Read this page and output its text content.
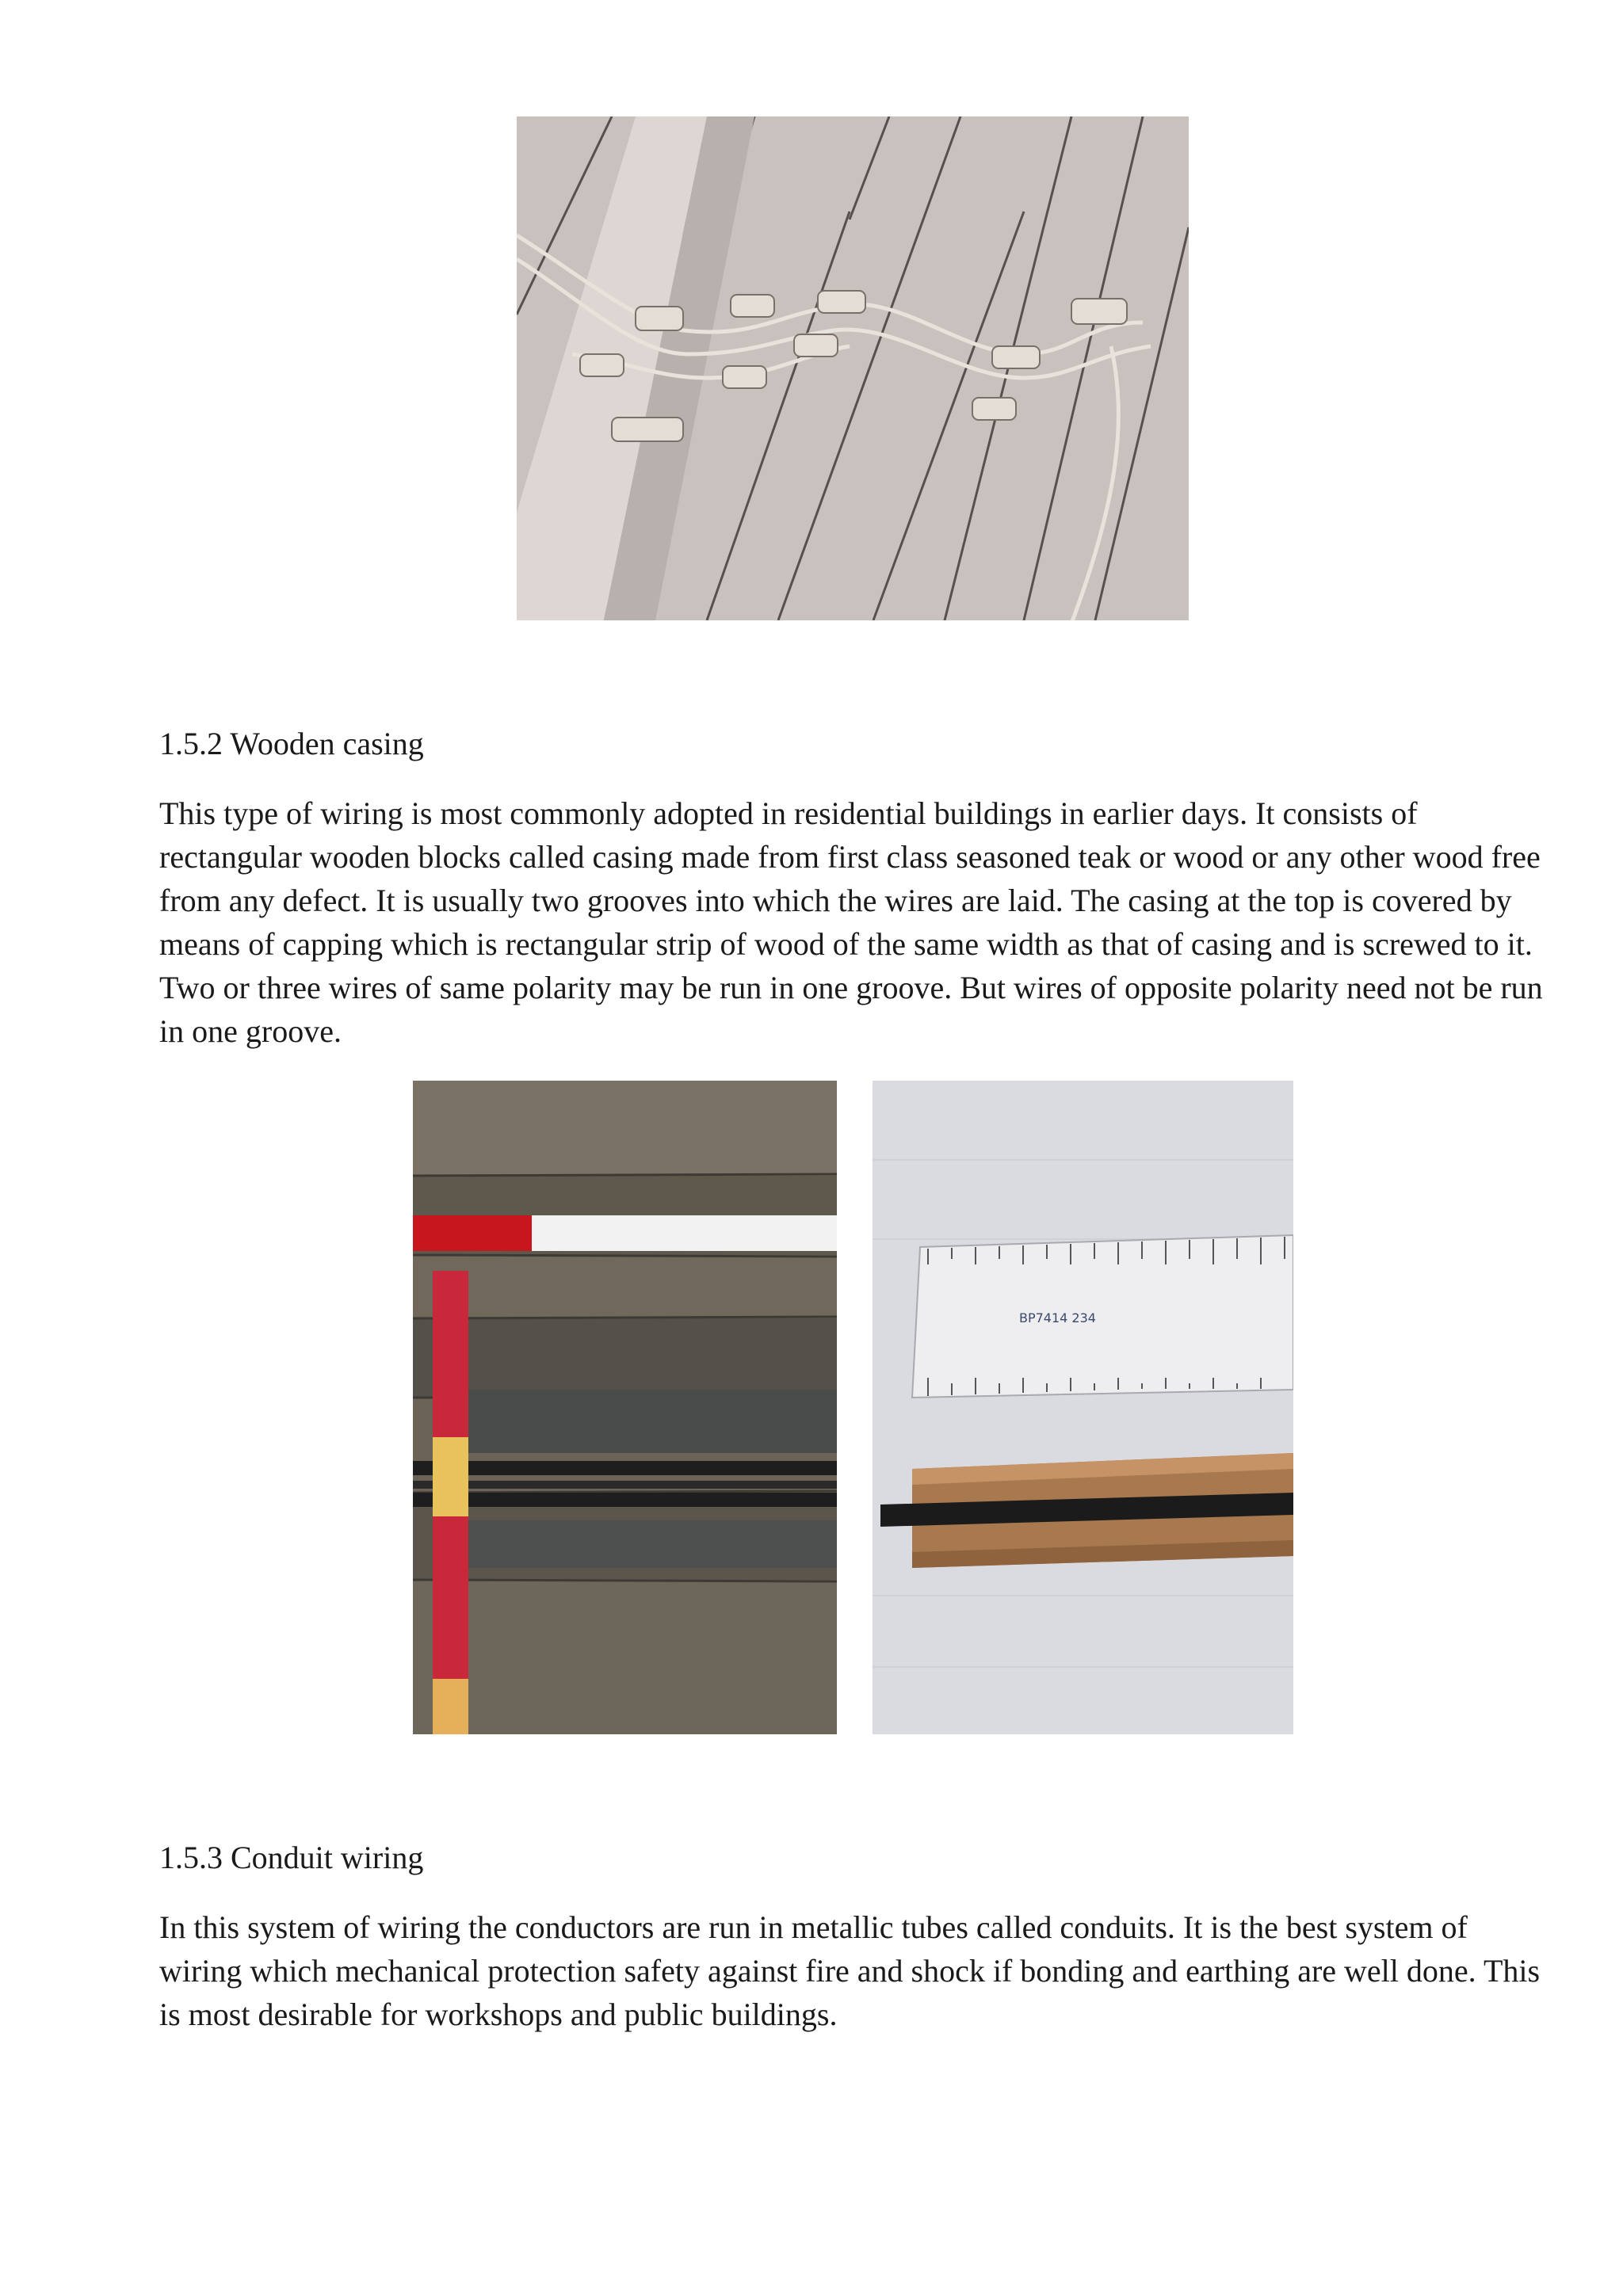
1.5.2 Wooden casing

This type of wiring is most commonly adopted in residential buildings in earlier days. It consists of rectangular wooden blocks called casing made from first class seasoned teak or wood or any other wood free from any defect. It is usually two grooves into which the wires are laid. The casing at the top is covered by means of capping which is rectangular strip of wood of the same width as that of casing and is screwed to it. Two or three wires of same polarity may be run in one groove. But wires of opposite polarity need not be run in one groove.

BP7414 234
1.5.3 Conduit wiring

In this system of wiring the conductors are run in metallic tubes called conduits. It is the best system of wiring which mechanical protection safety against fire and shock if bonding and earthing are well done. This is most desirable for workshops and public buildings.
